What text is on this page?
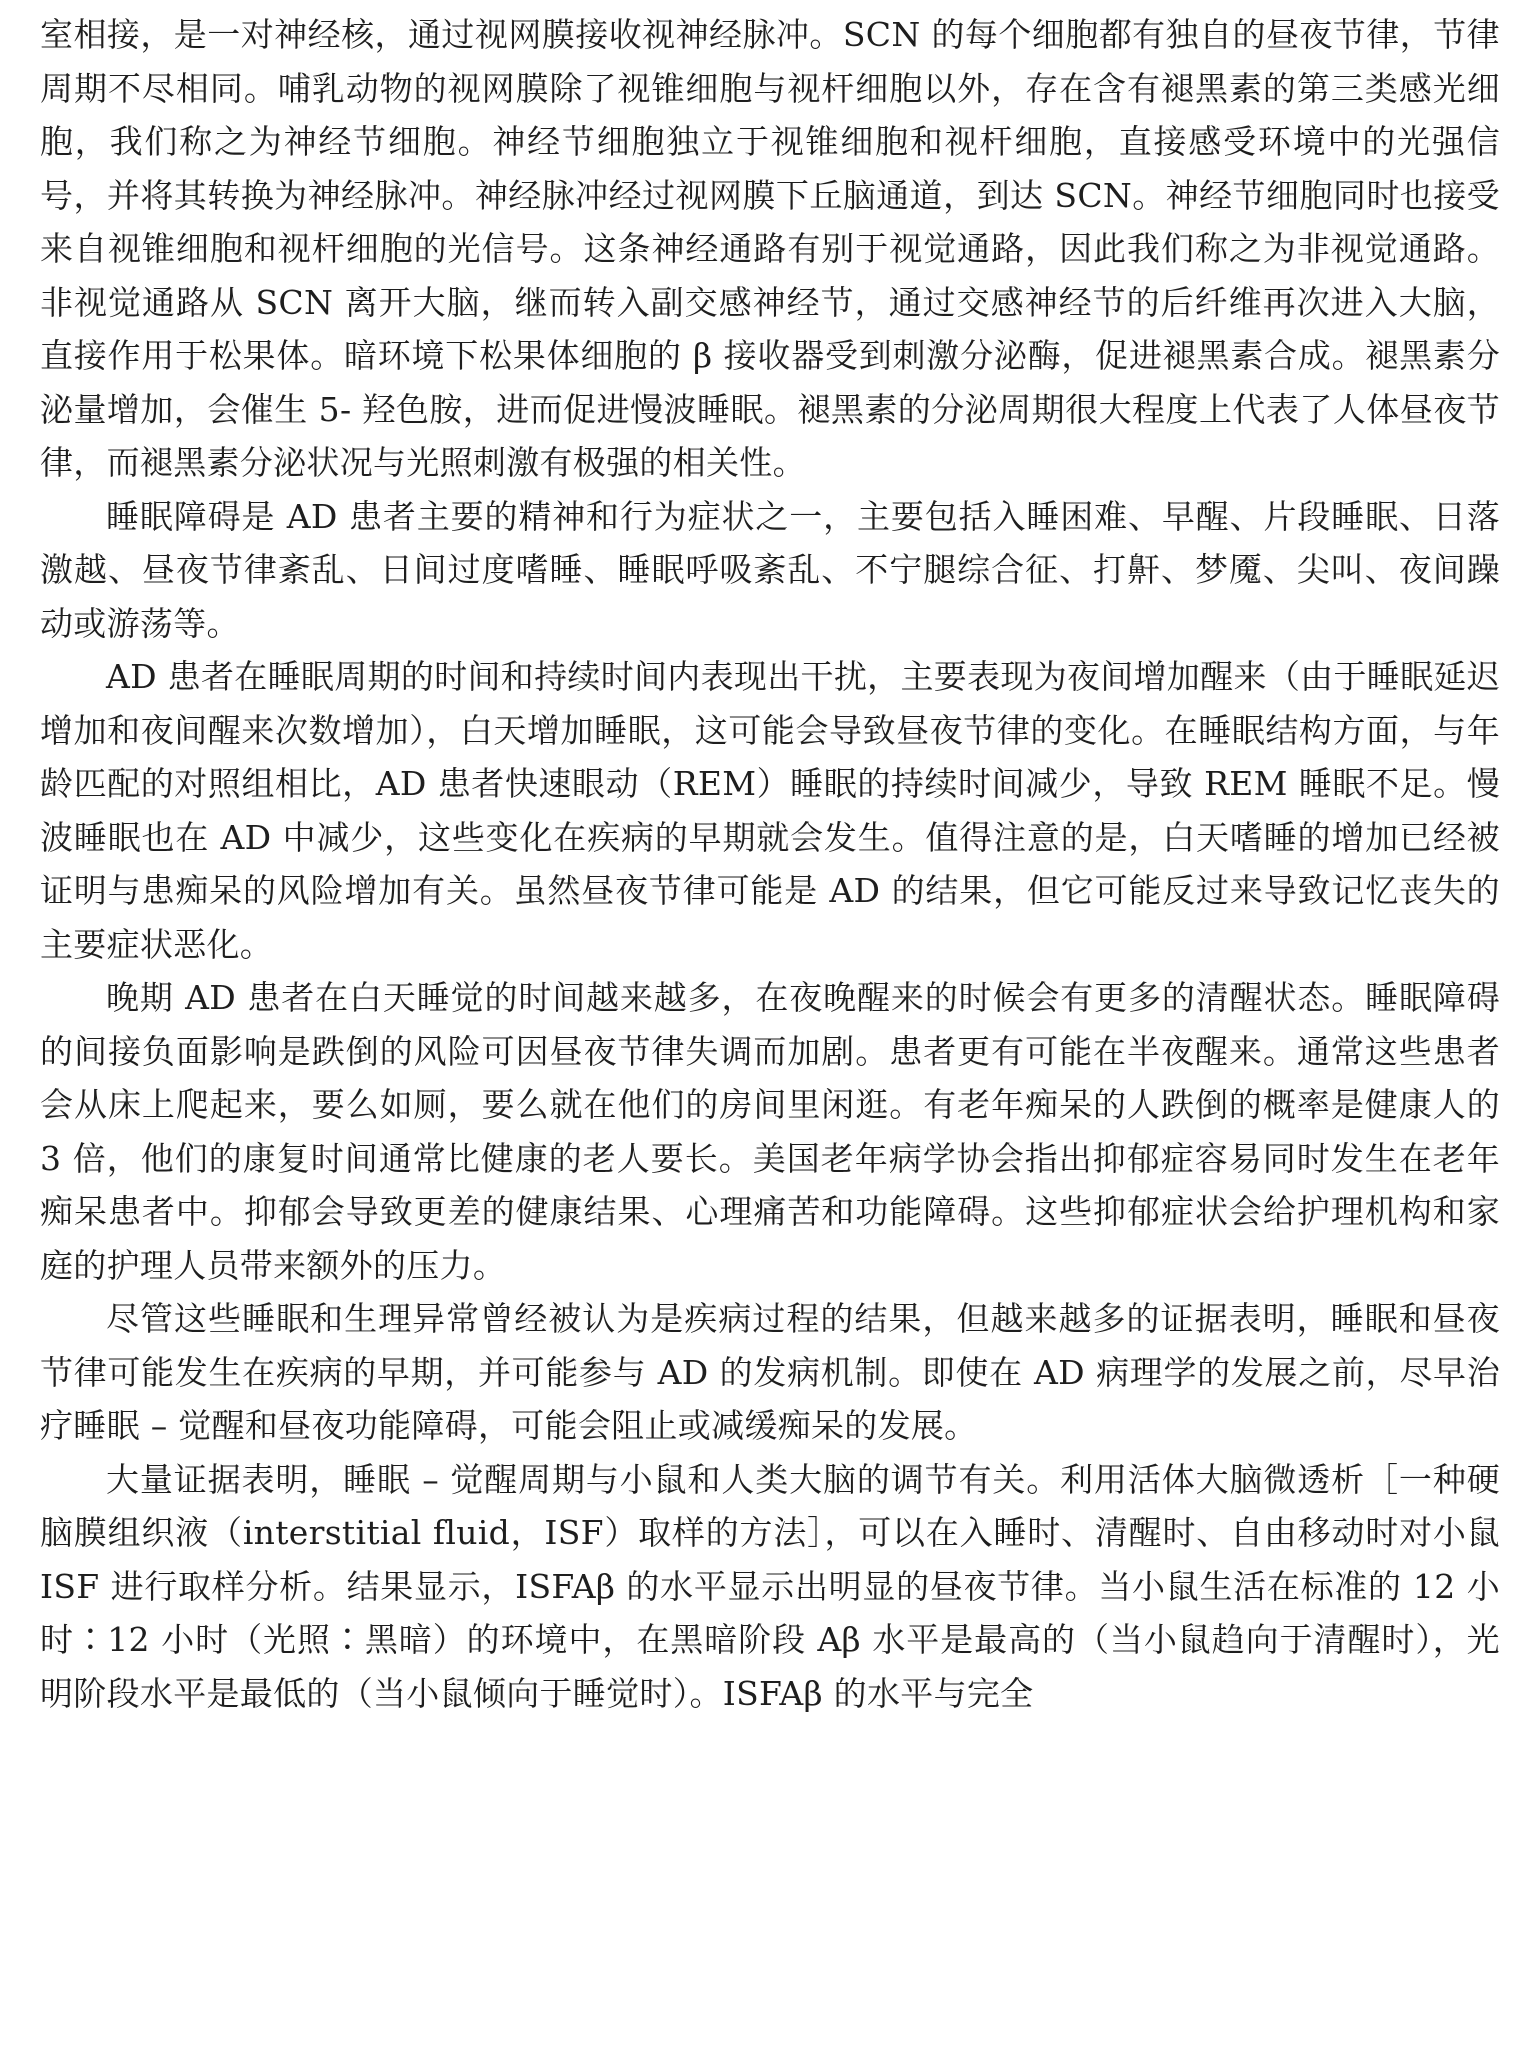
室相接，是一对神经核，通过视网膜接收视神经脉冲。SCN 的每个细胞都有独自的昼夜节律，节律周期不尽相同。哺乳动物的视网膜除了视锥细胞与视杆细胞以外，存在含有褪黑素的第三类感光细胞，我们称之为神经节细胞。神经节细胞独立于视锥细胞和视杆细胞，直接感受环境中的光强信号，并将其转换为神经脉冲。神经脉冲经过视网膜下丘脑通道，到达 SCN。神经节细胞同时也接受来自视锥细胞和视杆细胞的光信号。这条神经通路有别于视觉通路，因此我们称之为非视觉通路。非视觉通路从 SCN 离开大脑，继而转入副交感神经节，通过交感神经节的后纤维再次进入大脑，直接作用于松果体。暗环境下松果体细胞的 β 接收器受到刺激分泌酶，促进褪黑素合成。褪黑素分泌量增加，会催生 5- 羟色胺，进而促进慢波睡眠。褪黑素的分泌周期很大程度上代表了人体昼夜节律，而褪黑素分泌状况与光照刺激有极强的相关性。

睡眠障碍是 AD 患者主要的精神和行为症状之一，主要包括入睡困难、早醒、片段睡眠、日落激越、昼夜节律紊乱、日间过度嗜睡、睡眠呼吸紊乱、不宁腿综合征、打鼾、梦魇、尖叫、夜间躁动或游荡等。

AD 患者在睡眠周期的时间和持续时间内表现出干扰，主要表现为夜间增加醒来（由于睡眠延迟增加和夜间醒来次数增加），白天增加睡眠，这可能会导致昼夜节律的变化。在睡眠结构方面，与年龄匹配的对照组相比，AD 患者快速眼动（REM）睡眠的持续时间减少，导致 REM 睡眠不足。慢波睡眠也在 AD 中减少，这些变化在疾病的早期就会发生。值得注意的是，白天嗜睡的增加已经被证明与患痴呆的风险增加有关。虽然昼夜节律可能是 AD 的结果，但它可能反过来导致记忆丧失的主要症状恶化。

晚期 AD 患者在白天睡觉的时间越来越多，在夜晚醒来的时候会有更多的清醒状态。睡眠障碍的间接负面影响是跌倒的风险可因昼夜节律失调而加剧。患者更有可能在半夜醒来。通常这些患者会从床上爬起来，要么如厕，要么就在他们的房间里闲逛。有老年痴呆的人跌倒的概率是健康人的 3 倍，他们的康复时间通常比健康的老人要长。美国老年病学协会指出抑郁症容易同时发生在老年痴呆患者中。抑郁会导致更差的健康结果、心理痛苦和功能障碍。这些抑郁症状会给护理机构和家庭的护理人员带来额外的压力。

尽管这些睡眠和生理异常曾经被认为是疾病过程的结果，但越来越多的证据表明，睡眠和昼夜节律可能发生在疾病的早期，并可能参与 AD 的发病机制。即使在 AD 病理学的发展之前，尽早治疗睡眠 – 觉醒和昼夜功能障碍，可能会阻止或减缓痴呆的发展。

大量证据表明，睡眠 – 觉醒周期与小鼠和人类大脑的调节有关。利用活体大脑微透析［一种硬脑膜组织液（interstitial fluid，ISF）取样的方法］，可以在入睡时、清醒时、自由移动时对小鼠 ISF 进行取样分析。结果显示，ISFAβ 的水平显示出明显的昼夜节律。当小鼠生活在标准的 12 小时∶12 小时（光照∶黑暗）的环境中，在黑暗阶段 Aβ 水平是最高的（当小鼠趋向于清醒时），光明阶段水平是最低的（当小鼠倾向于睡觉时）。ISFAβ 的水平与完全
